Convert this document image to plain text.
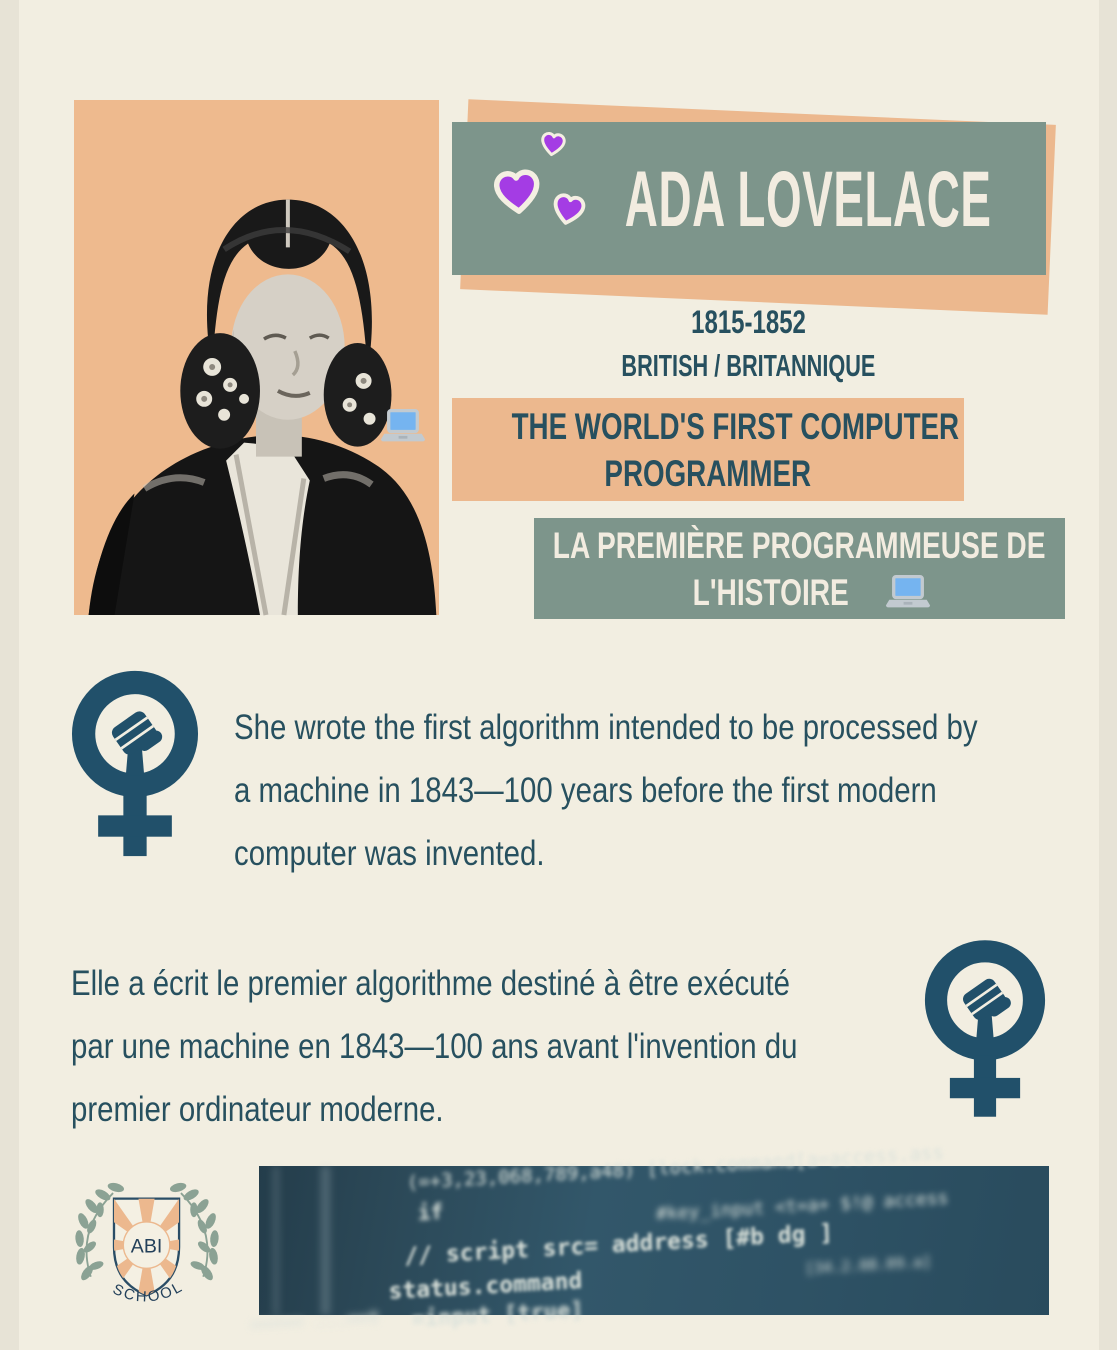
ADA LOVELACE
1815-1852
BRITISH / BRITANNIQUE
THE WORLD'S FIRST COMPUTER
PROGRAMMER
LA PREMIÈRE PROGRAMMEUSE DE
L'HISTOIRE
She wrote the first algorithm intended to be processed by
a machine in 1843—100 years before the first modern
computer was invented.
Elle a écrit le premier algorithme destiné à être exécuté
par une machine en 1843—100 ans avant l'invention du
premier ordinateur moderne.
ABI
SCHOOL
(=+3,23,068,789,a48) [lock.command[a=access.ass
if	#key_input <t=a+ $!@ access
// script src= address [#b dg ]
status.command
[34.2.08.09.a]
=input [true]
===== ...==t
